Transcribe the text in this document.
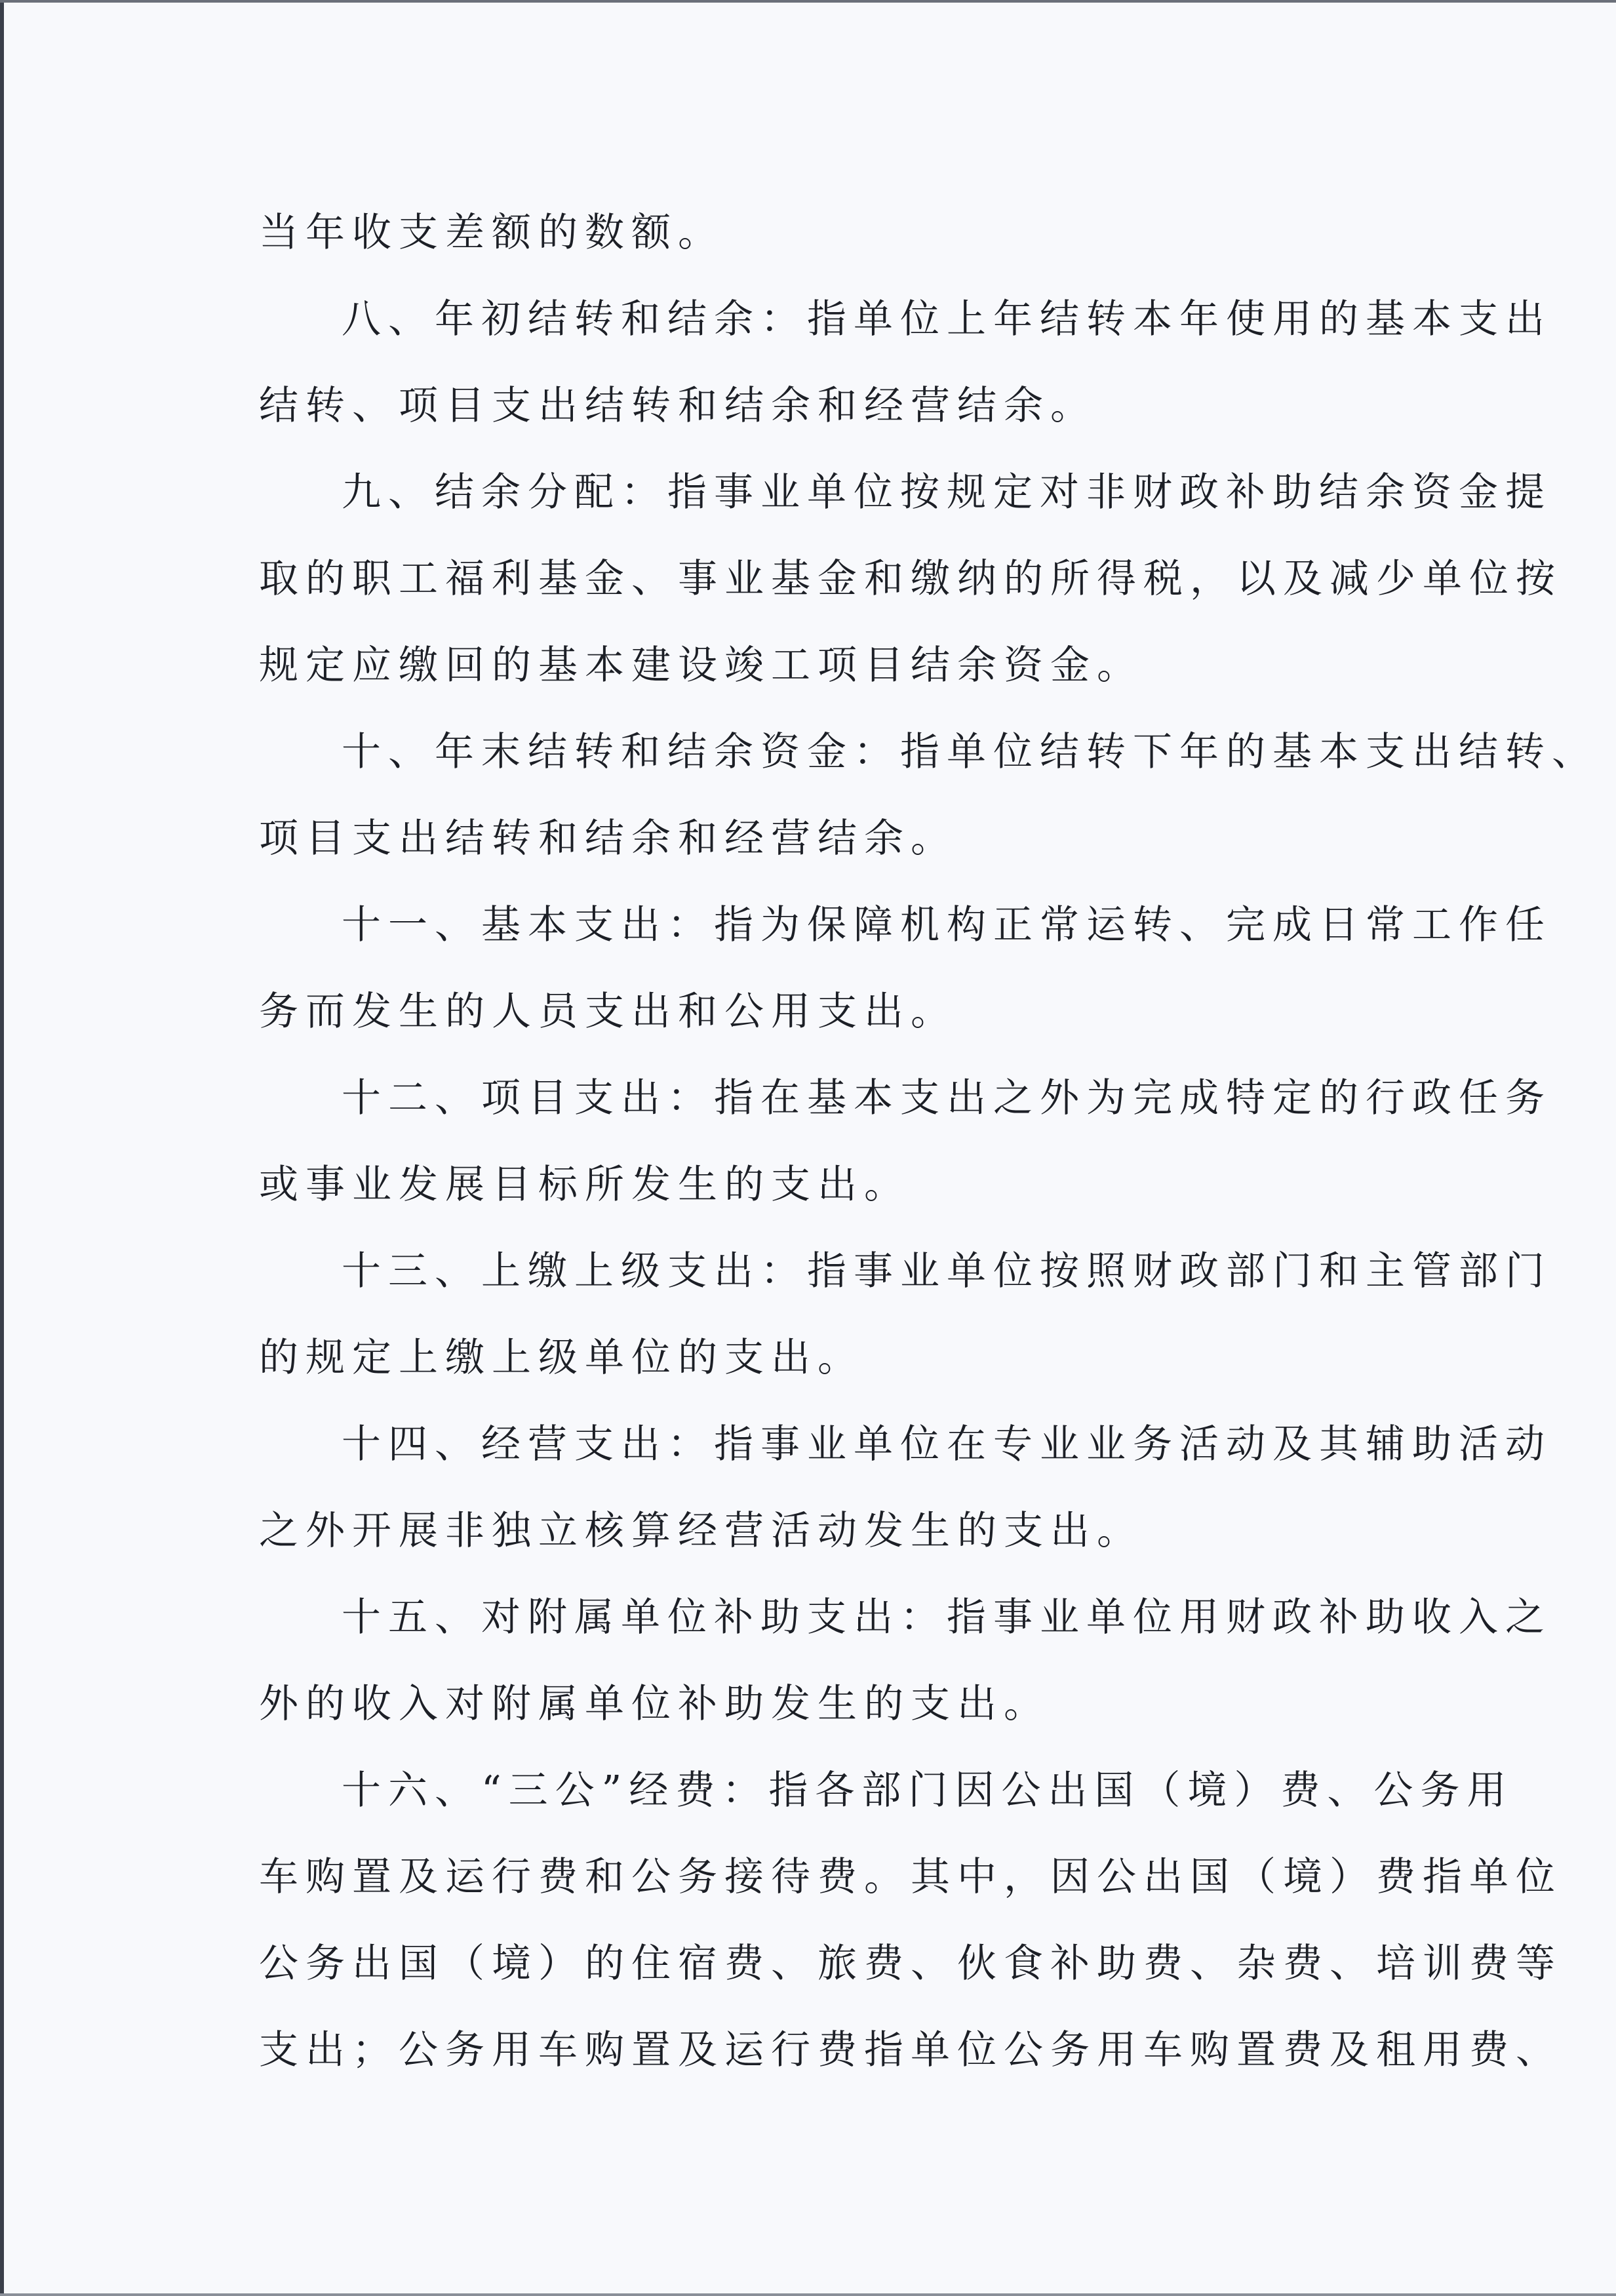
当年收支差额的数额。
八、年初结转和结余：指单位上年结转本年使用的基本支出
结转、项目支出结转和结余和经营结余。
九、结余分配：指事业单位按规定对非财政补助结余资金提
取的职工福利基金、事业基金和缴纳的所得税，以及减少单位按
规定应缴回的基本建设竣工项目结余资金。
十、年末结转和结余资金：指单位结转下年的基本支出结转、
项目支出结转和结余和经营结余。
十一、基本支出：指为保障机构正常运转、完成日常工作任
务而发生的人员支出和公用支出。
十二、项目支出：指在基本支出之外为完成特定的行政任务
或事业发展目标所发生的支出。
十三、上缴上级支出：指事业单位按照财政部门和主管部门
的规定上缴上级单位的支出。
十四、经营支出：指事业单位在专业业务活动及其辅助活动
之外开展非独立核算经营活动发生的支出。
十五、对附属单位补助支出：指事业单位用财政补助收入之
外的收入对附属单位补助发生的支出。
十六、“三公”经费：指各部门因公出国（境）费、公务用
车购置及运行费和公务接待费。其中，因公出国（境）费指单位
公务出国（境）的住宿费、旅费、伙食补助费、杂费、培训费等
支出；公务用车购置及运行费指单位公务用车购置费及租用费、
